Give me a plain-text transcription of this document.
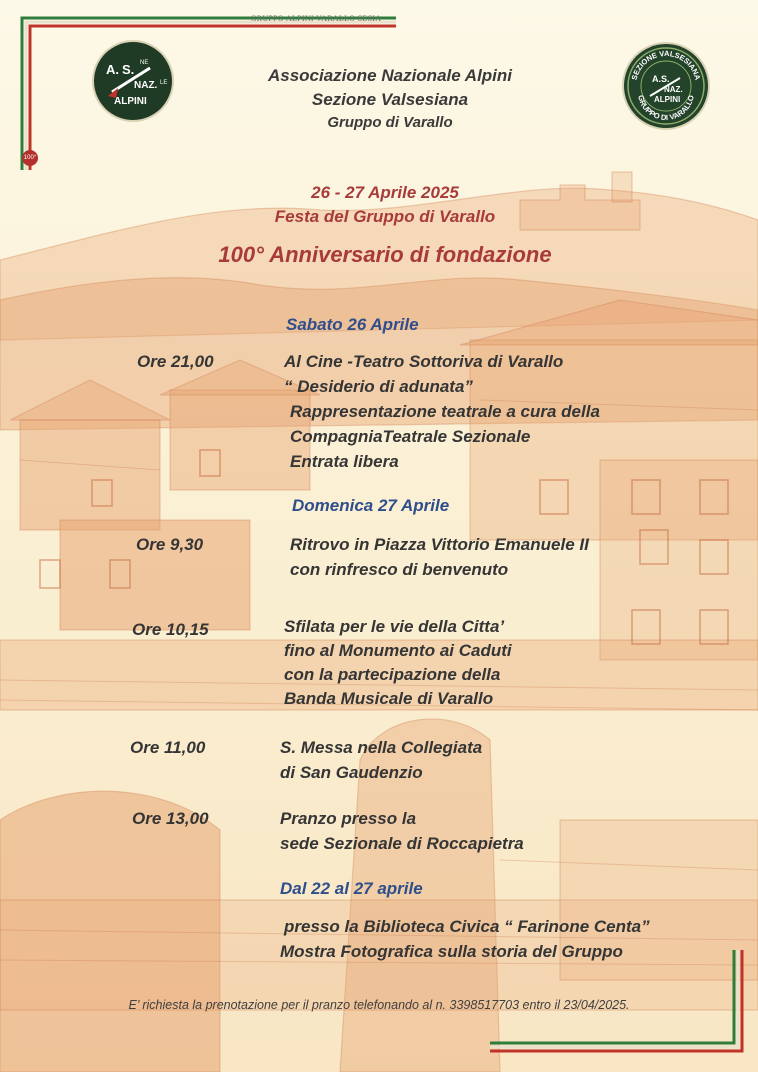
GRUPPO ALPINI VARALLO SESIA
A. S. NE
NAZ. LE
ALPINI
SEZIONE VALSESIANA
GRUPPO DI VARALLO
A.S.
NAZ.
ALPINI
100°
Associazione Nazionale Alpini
Sezione Valsesiana
Gruppo di Varallo
26 - 27 Aprile 2025
Festa del Gruppo di Varallo
100° Anniversario di fondazione
Sabato 26 Aprile
Ore 21,00	Al Cine -Teatro Sottoriva di Varallo
“ Desiderio di adunata”
Rappresentazione teatrale a cura della
CompagniaTeatrale Sezionale
Entrata libera
Domenica 27 Aprile
Ore 9,30	Ritrovo in Piazza Vittorio Emanuele II
con rinfresco di benvenuto
Ore 10,15	Sfilata per le vie della Citta’
fino al Monumento ai Caduti
con la partecipazione della
Banda Musicale di Varallo
Ore 11,00	S. Messa nella Collegiata
di San Gaudenzio
Ore 13,00	Pranzo presso la
sede Sezionale di Roccapietra
Dal 22 al 27 aprile
presso la Biblioteca Civica “ Farinone Centa”
Mostra Fotografica sulla storia del Gruppo
E’ richiesta la prenotazione per il pranzo telefonando al n. 3398517703 entro il 23/04/2025.
